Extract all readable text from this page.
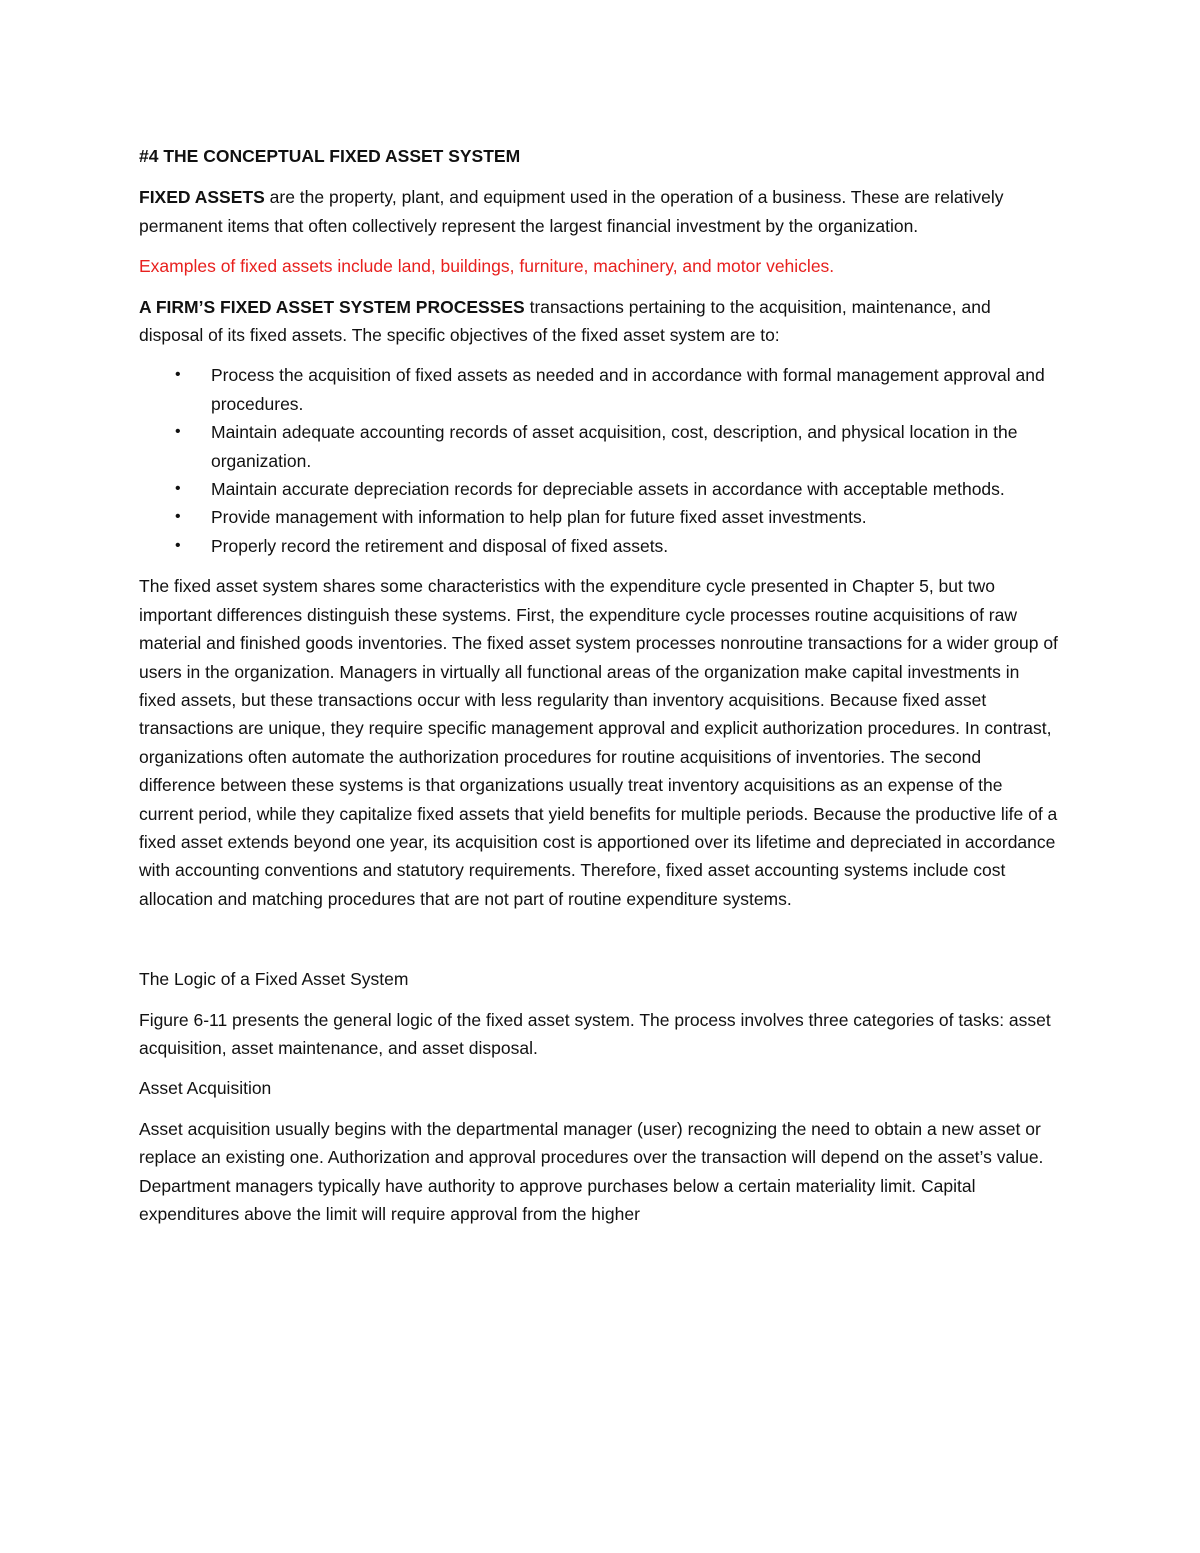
#4 THE CONCEPTUAL FIXED ASSET SYSTEM

FIXED ASSETS are the property, plant, and equipment used in the operation of a business. These are relatively permanent items that often collectively represent the largest financial investment by the organization.

Examples of fixed assets include land, buildings, furniture, machinery, and motor vehicles.

A FIRM’S FIXED ASSET SYSTEM PROCESSES transactions pertaining to the acquisition, maintenance, and disposal of its fixed assets. The specific objectives of the fixed asset system are to:

• Process the acquisition of fixed assets as needed and in accordance with formal management approval and procedures.
• Maintain adequate accounting records of asset acquisition, cost, description, and physical location in the organization.
• Maintain accurate depreciation records for depreciable assets in accordance with acceptable methods.
• Provide management with information to help plan for future fixed asset investments.
• Properly record the retirement and disposal of fixed assets.

The fixed asset system shares some characteristics with the expenditure cycle presented in Chapter 5, but two important differences distinguish these systems. First, the expenditure cycle processes routine acquisitions of raw material and finished goods inventories. The fixed asset system processes nonroutine transactions for a wider group of users in the organization. Managers in virtually all functional areas of the organization make capital investments in fixed assets, but these transactions occur with less regularity than inventory acquisitions. Because fixed asset transactions are unique, they require specific management approval and explicit authorization procedures. In contrast, organizations often automate the authorization procedures for routine acquisitions of inventories. The second difference between these systems is that organizations usually treat inventory acquisitions as an expense of the current period, while they capitalize fixed assets that yield benefits for multiple periods. Because the productive life of a fixed asset extends beyond one year, its acquisition cost is apportioned over its lifetime and depreciated in accordance with accounting conventions and statutory requirements. Therefore, fixed asset accounting systems include cost allocation and matching procedures that are not part of routine expenditure systems.

The Logic of a Fixed Asset System

Figure 6-11 presents the general logic of the fixed asset system. The process involves three categories of tasks: asset acquisition, asset maintenance, and asset disposal.

Asset Acquisition

Asset acquisition usually begins with the departmental manager (user) recognizing the need to obtain a new asset or replace an existing one. Authorization and approval procedures over the transaction will depend on the asset’s value. Department managers typically have authority to approve purchases below a certain materiality limit. Capital expenditures above the limit will require approval from the higher
